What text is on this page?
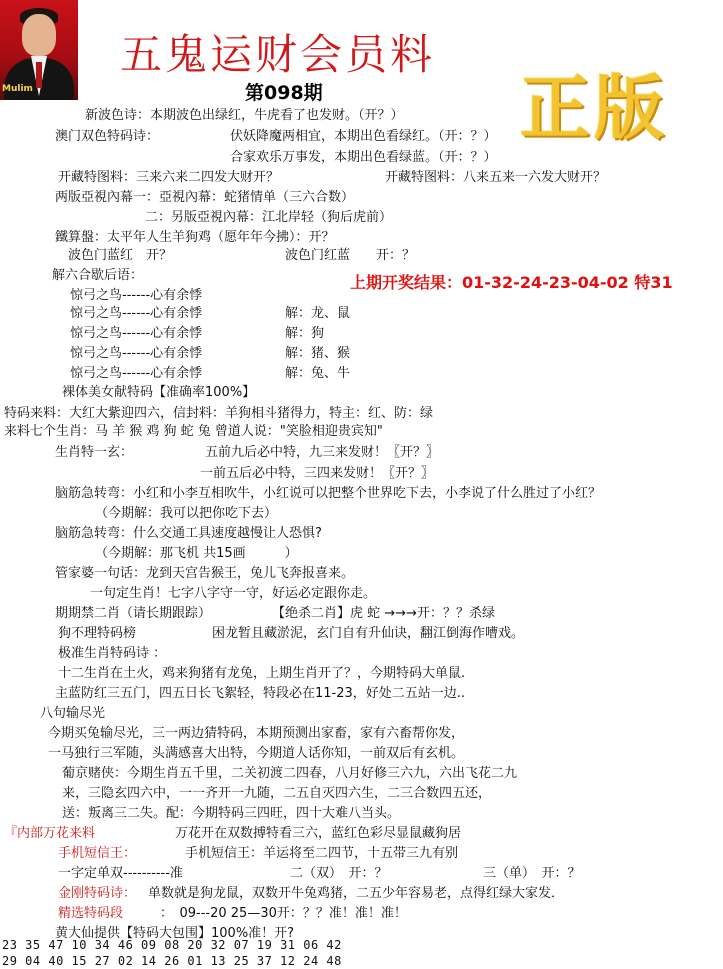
Mulim
五鬼运财会员料
第098期	正版
新波色诗：本期波色出绿红，牛虎看了也发财。（开？）
澳门双色特码诗：	伏妖降魔两相宜，本期出色看绿红。（开：？）
合家欢乐万事发，本期出色看绿蓝。（开：？）
开藏特图料：三来六来二四发大财开？	开藏特图料：八来五来一六发大财开？
两版亞視內幕一：亞視內幕：蛇猪情单（三六合数）
二：另版亞視內幕：江北岸轻（狗后虎前）
鐵算盤：太平年人生羊狗鸡（愿年年今拂）：开？
波色门蓝红　开？	波色门红蓝　　开：？
解六合歇后语：	上期开奖结果：01-32-24-23-04-02 特31
惊弓之鸟------心有余悸
惊弓之鸟------心有余悸	解：龙、鼠
惊弓之鸟------心有余悸	解：狗
惊弓之鸟------心有余悸	解：猪、猴
惊弓之鸟------心有余悸	解：兔、牛
裸体美女献特码【准确率100%】
特码来料：大红大紫迎四六，信封料：羊狗相斗猪得力，特主：红、防：绿
来料七个生肖：马 羊 猴 鸡 狗 蛇 兔 曾道人说："笑脸相迎贵宾知"
生肖特一玄：	五前九后必中特，九三来发财！〖开？〗
一前五后必中特，三四来发财！〖开？〗
脑筋急转弯：小红和小李互相吹牛，小红说可以把整个世界吃下去，小李说了什么胜过了小红？
（今期解：我可以把你吃下去）
脑筋急转弯：什么交通工具速度越慢让人恐惧?
（今期解：那飞机 共15画　　　）
管家婆一句话：龙到天宫告猴王，兔儿飞奔报喜来。
一句定生肖！七字八字守一守，好运必定跟你走。
期期禁二肖（请长期跟踪）	【绝杀二肖】虎 蛇 →→→开：？？杀绿
狗不理特码榜	困龙暂且藏淤泥，玄门自有升仙诀，翻江倒海作嘈戏。
极准生肖特码诗 ：
十二生肖在土火，鸡来狗猪有龙兔，上期生肖开了？，今期特码大单鼠.
主蓝防红三五门，四五日长飞絮轻，特段必在11-23，好处二五站一边..
八句输尽光
今期买兔输尽光，三一两边猜特码，本期预测出家畜，家有六畜帮你发，
一马独行三军随，头满感喜大出特，今期道人话你知，一前双后有玄机。
葡京赌侠：今期生肖五千里，二关初渡二四春，八月好修三六九，六出飞花二九
来，三隐玄四六中，一一齐开一九随，二五自灭四六生，二三合数四五还，
送：叛离三二失。配：今期特码三四旺，四十大难八当头。
『内部万花来料	万花开在双数搏特看三六，蓝红色彩尽显鼠藏狗居
手机短信王：	手机短信王：羊运将至二四节，十五带三九有别
一字定单双----------准	二（双）　开：？	三（单）　开：？
金刚特码诗： 单数就是狗龙鼠，双数开牛兔鸡猪，二五少年容易老，点得红绿大家发．
精选特码段	：　09---20 25—30开：？？准！准！准！
黄大仙提供【特码大包围】100%准！开?
23 35 47 10 34 46 09 08 20 32 07 19 31 06 42
29 04 40 15 27 02 14 26 01 13 25 37 12 24 48
